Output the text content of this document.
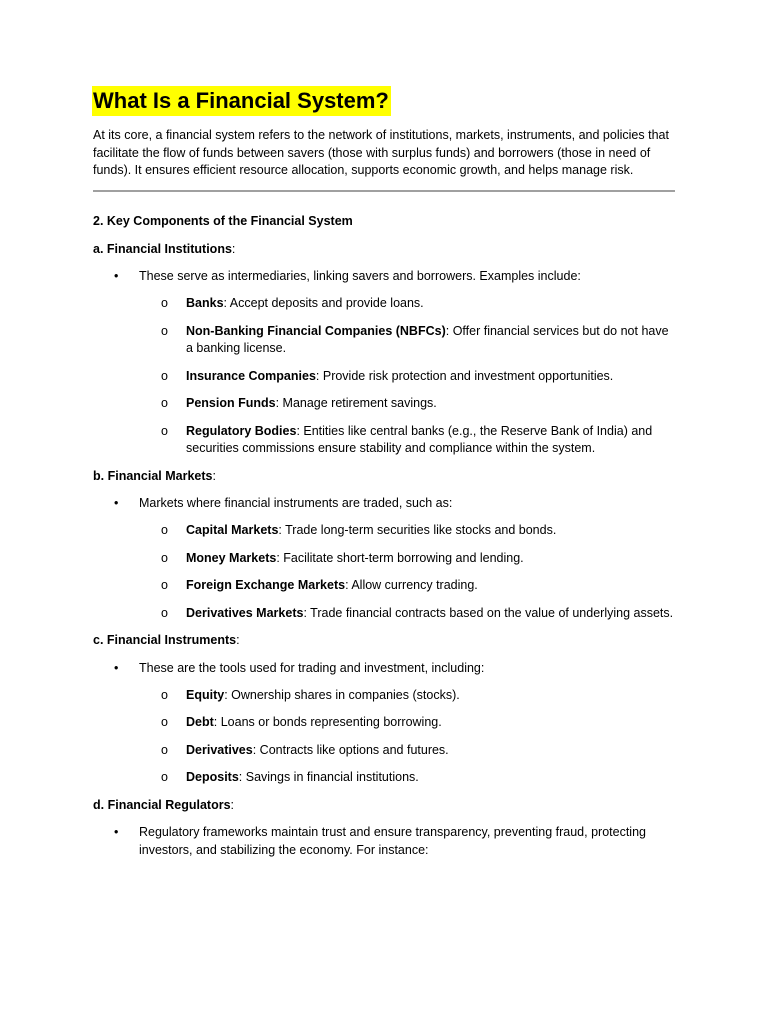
What Is a Financial System?
At its core, a financial system refers to the network of institutions, markets, instruments, and policies that facilitate the flow of funds between savers (those with surplus funds) and borrowers (those in need of funds). It ensures efficient resource allocation, supports economic growth, and helps manage risk.
2. Key Components of the Financial System
a. Financial Institutions:
• These serve as intermediaries, linking savers and borrowers. Examples include:
o Banks: Accept deposits and provide loans.
o Non-Banking Financial Companies (NBFCs): Offer financial services but do not have a banking license.
o Insurance Companies: Provide risk protection and investment opportunities.
o Pension Funds: Manage retirement savings.
o Regulatory Bodies: Entities like central banks (e.g., the Reserve Bank of India) and securities commissions ensure stability and compliance within the system.
b. Financial Markets:
• Markets where financial instruments are traded, such as:
o Capital Markets: Trade long-term securities like stocks and bonds.
o Money Markets: Facilitate short-term borrowing and lending.
o Foreign Exchange Markets: Allow currency trading.
o Derivatives Markets: Trade financial contracts based on the value of underlying assets.
c. Financial Instruments:
• These are the tools used for trading and investment, including:
o Equity: Ownership shares in companies (stocks).
o Debt: Loans or bonds representing borrowing.
o Derivatives: Contracts like options and futures.
o Deposits: Savings in financial institutions.
d. Financial Regulators:
• Regulatory frameworks maintain trust and ensure transparency, preventing fraud, protecting investors, and stabilizing the economy. For instance:
